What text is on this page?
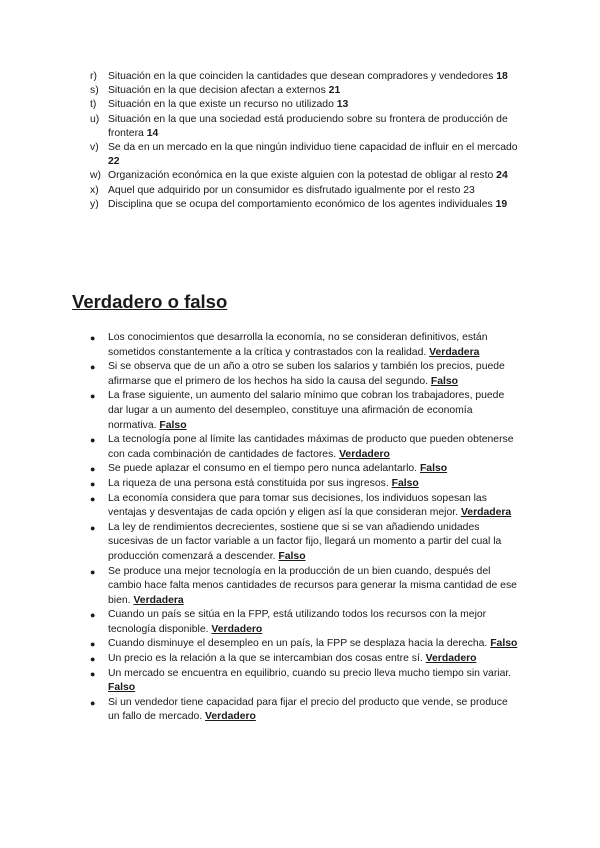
r) Situación en la que coinciden la cantidades que desean compradores y vendedores 18
s) Situación en la que decision afectan a externos 21
t) Situación en la que existe un recurso no utilizado 13
u) Situación en la que una sociedad está produciendo sobre su frontera de producción de frontera 14
v) Se da en un mercado en la que ningún individuo tiene capacidad de influir en el mercado 22
w) Organización económica en la que existe alguien con la potestad de obligar al resto 24
x) Aquel que adquirido por un consumidor es disfrutado igualmente por el resto 23
y) Disciplina que se ocupa del comportamiento económico de los agentes individuales 19
Verdadero o falso
● Los conocimientos que desarrolla la economía, no se consideran definitivos, están sometidos constantemente a la crítica y contrastados con la realidad. Verdadera
● Si se observa que de un año a otro se suben los salarios y también los precios, puede afirmarse que el primero de los hechos ha sido la causa del segundo. Falso
● La frase siguiente, un aumento del salario mínimo que cobran los trabajadores, puede dar lugar a un aumento del desempleo, constituye una afirmación de economía normativa. Falso
● La tecnología pone al límite las cantidades máximas de producto que pueden obtenerse con cada combinación de cantidades de factores. Verdadero
● Se puede aplazar el consumo en el tiempo pero nunca adelantarlo. Falso
● La riqueza de una persona está constituida por sus ingresos. Falso
● La economía considera que para tomar sus decisiones, los individuos sopesan las ventajas y desventajas de cada opción y eligen así la que consideran mejor. Verdadera
● La ley de rendimientos decrecientes, sostiene que si se van añadiendo unidades sucesivas de un factor variable a un factor fijo, llegará un momento a partir del cual la producción comenzará a descender. Falso
● Se produce una mejor tecnología en la producción de un bien cuando, después del cambio hace falta menos cantidades de recursos para generar la misma cantidad de ese bien. Verdadera
● Cuando un país se sitúa en la FPP, está utilizando todos los recursos con la mejor tecnología disponible. Verdadero
● Cuando disminuye el desempleo en un país, la FPP se desplaza hacia la derecha. Falso
● Un precio es la relación a la que se intercambian dos cosas entre sí. Verdadero
● Un mercado se encuentra en equilibrio, cuando su precio lleva mucho tiempo sin variar. Falso
● Si un vendedor tiene capacidad para fijar el precio del producto que vende, se produce un fallo de mercado. Verdadero
